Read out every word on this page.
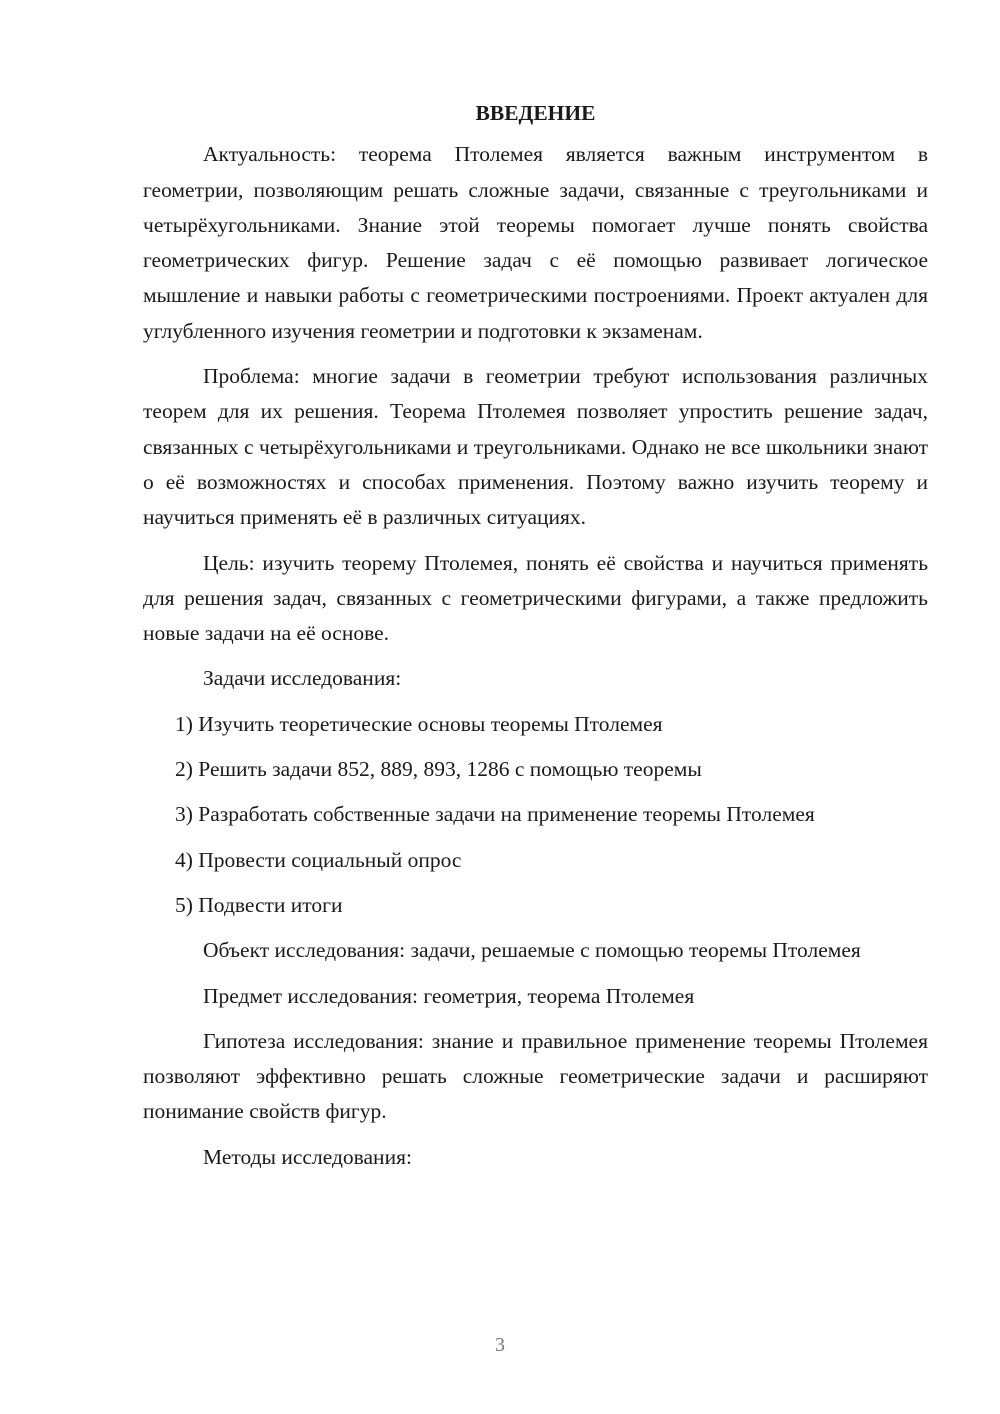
ВВЕДЕНИЕ

Актуальность: теорема Птолемея является важным инструментом в геометрии, позволяющим решать сложные задачи, связанные с треугольниками и четырёхугольниками. Знание этой теоремы помогает лучше понять свойства геометрических фигур. Решение задач с её помощью развивает логическое мышление и навыки работы с геометрическими построениями. Проект актуален для углубленного изучения геометрии и подготовки к экзаменам.

Проблема: многие задачи в геометрии требуют использования различных теорем для их решения. Теорема Птолемея позволяет упростить решение задач, связанных с четырёхугольниками и треугольниками. Однако не все школьники знают о её возможностях и способах применения. Поэтому важно изучить теорему и научиться применять её в различных ситуациях.

Цель: изучить теорему Птолемея, понять её свойства и научиться применять для решения задач, связанных с геометрическими фигурами, а также предложить новые задачи на её основе.

Задачи исследования:
1) Изучить теоретические основы теоремы Птолемея
2) Решить задачи 852, 889, 893, 1286 с помощью теоремы
3) Разработать собственные задачи на применение теоремы Птолемея
4) Провести социальный опрос
5) Подвести итоги

Объект исследования: задачи, решаемые с помощью теоремы Птолемея

Предмет исследования: геометрия, теорема Птолемея

Гипотеза исследования: знание и правильное применение теоремы Птолемея позволяют эффективно решать сложные геометрические задачи и расширяют понимание свойств фигур.

Методы исследования:

3
